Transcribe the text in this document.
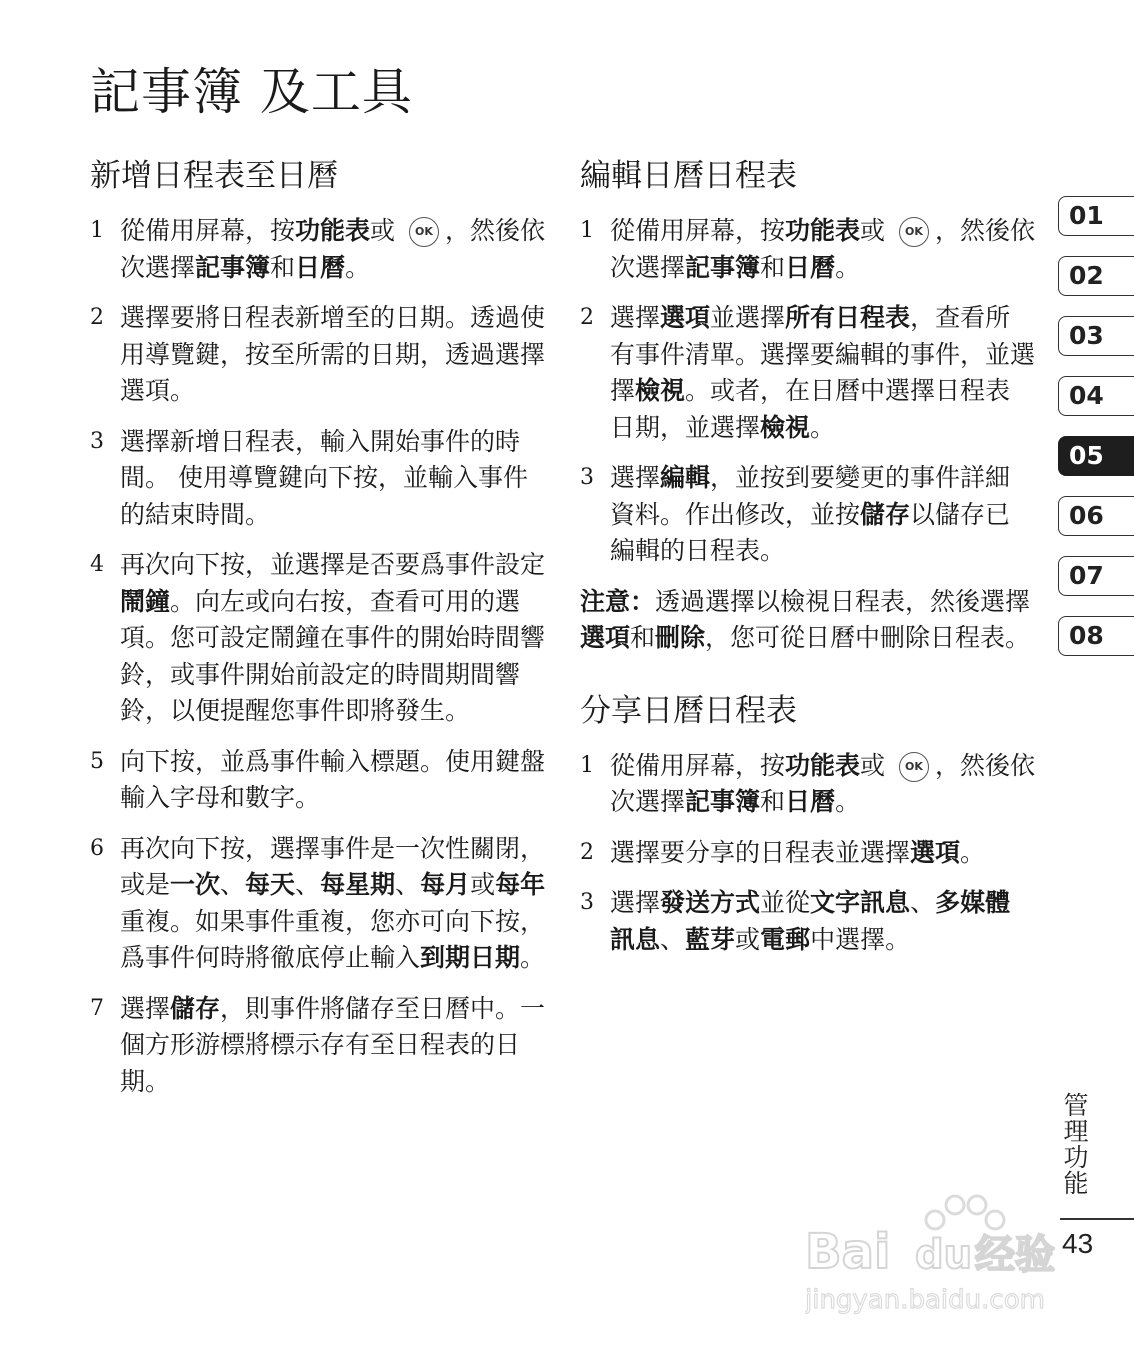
記事簿 及工具
新增日程表至日曆
1 從備用屏幕，按功能表或 OK ，然後依次選擇記事簿和日曆。
2 選擇要將日程表新增至的日期。透過使用導覽鍵，按至所需的日期，透過選擇選項。
3 選擇新增日程表，輸入開始事件的時間。 使用導覽鍵向下按，並輸入事件的結束時間。
4 再次向下按，並選擇是否要爲事件設定鬧鐘。向左或向右按，查看可用的選項。您可設定鬧鐘在事件的開始時間響鈴，或事件開始前設定的時間期間響鈴，以便提醒您事件即將發生。
5 向下按，並爲事件輸入標題。使用鍵盤輸入字母和數字。
6 再次向下按，選擇事件是一次性關閉，或是一次、每天、每星期、每月或每年重複。如果事件重複，您亦可向下按，爲事件何時將徹底停止輸入到期日期。
7 選擇儲存，則事件將儲存至日曆中。一個方形游標將標示存有至日程表的日期。
編輯日曆日程表
1 從備用屏幕，按功能表或 OK ，然後依次選擇記事簿和日曆。
2 選擇選項並選擇所有日程表，查看所有事件清單。選擇要編輯的事件，並選擇檢視。或者，在日曆中選擇日程表日期，並選擇檢視。
3 選擇編輯，並按到要變更的事件詳細資料。作出修改，並按儲存以儲存已編輯的日程表。
注意：透過選擇以檢視日程表，然後選擇選項和刪除，您可從日曆中刪除日程表。
分享日曆日程表
1 從備用屏幕，按功能表或 OK ，然後依次選擇記事簿和日曆。
2 選擇要分享的日程表並選擇選項。
3 選擇發送方式並從文字訊息、多媒體訊息、藍芽或電郵中選擇。
01
02
03
04
05
06
07
08
管理功能
43
Bai du 经验
jingyan.baidu.com
